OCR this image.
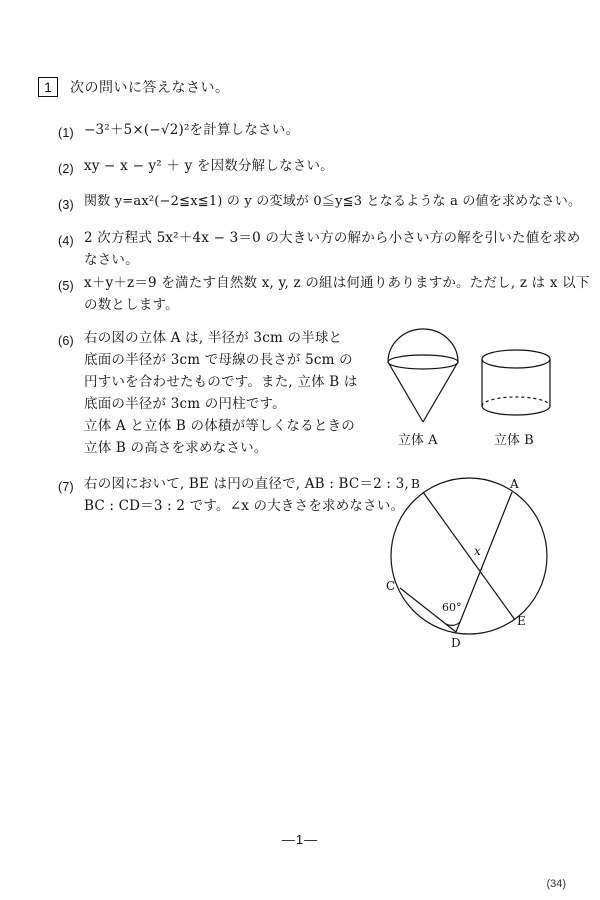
1	次の問いに答えなさい。
(1) −3²＋5×(−√2)²を計算しなさい。
(2) xy − x − y² ＋ y を因数分解しなさい。
(3) 関数 y=ax²(−2≦x≦1) の y の変域が 0≦y≦3 となるような a の値を求めなさい。
(4) 2 次方程式 5x²＋4x − 3＝0 の大きい方の解から小さい方の解を引いた値を求め
なさい。
(5) x＋y＋z＝9 を満たす自然数 x, y, z の組は何通りありますか。ただし, z は x 以下
の数とします。
(6) 右の図の立体 A は, 半径が 3cm の半球と
底面の半径が 3cm で母線の長さが 5cm の
円すいを合わせたものです。また, 立体 B は
底面の半径が 3cm の円柱です。
立体 A と立体 B の体積が等しくなるときの
立体 B の高さを求めなさい。
(7) 右の図において, BE は円の直径で, AB : BC＝2 : 3,
BC : CD＝3 : 2 です。∠x の大きさを求めなさい。
立体 A	立体 B
B	A
C
D
E
x
60°
—1—
(34)
